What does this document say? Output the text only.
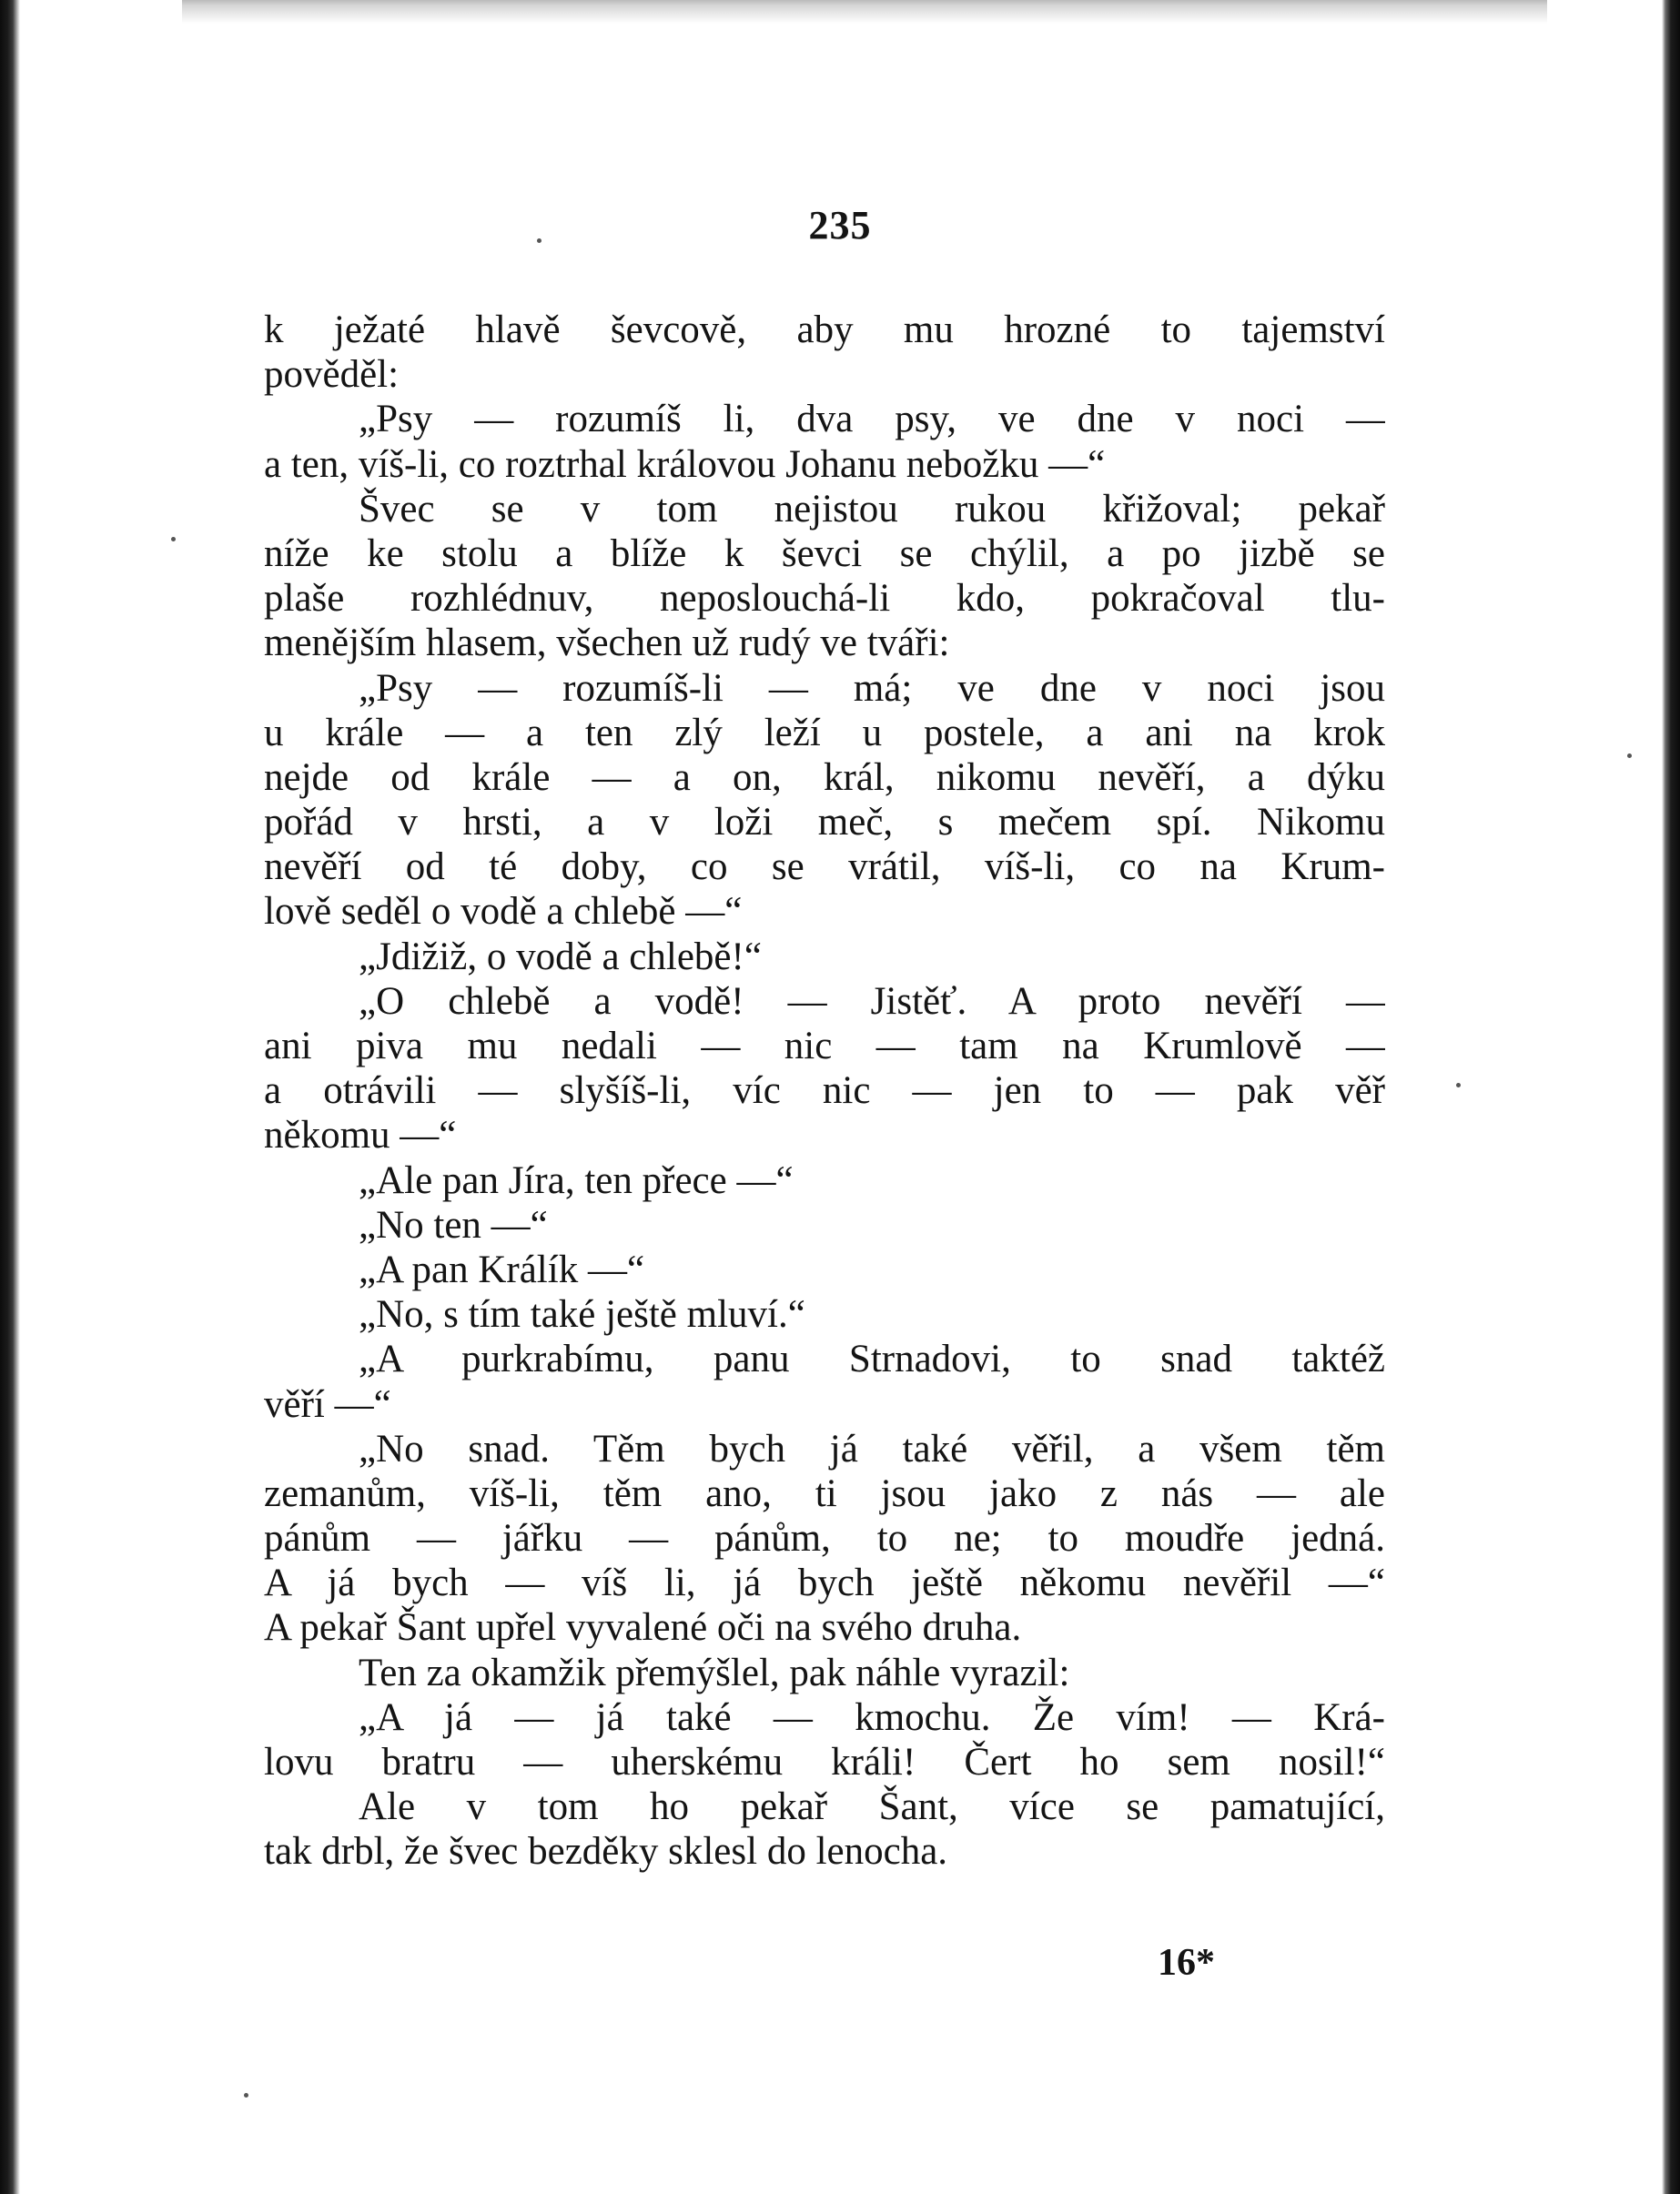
235
k ježaté hlavě ševcově, aby mu hrozné to tajemství
pověděl:
„Psy — rozumíš li, dva psy, ve dne v noci —
a ten, víš-li, co roztrhal královou Johanu nebožku —“
Švec se v tom nejistou rukou křižoval; pekař
níže ke stolu a blíže k ševci se chýlil, a po jizbě se
plaše rozhlédnuv, neposlouchá-li kdo, pokračoval tlu-
menějším hlasem, všechen už rudý ve tváři:
„Psy — rozumíš-li — má; ve dne v noci jsou
u krále — a ten zlý leží u postele, a ani na krok
nejde od krále — a on, král, nikomu nevěří, a dýku
pořád v hrsti, a v loži meč, s mečem spí. Nikomu
nevěří od té doby, co se vrátil, víš-li, co na Krum-
lově seděl o vodě a chlebě —“
„Jdižiž, o vodě a chlebě!“
„O chlebě a vodě! — Jistěť. A proto nevěří —
ani piva mu nedali — nic — tam na Krumlově —
a otrávili — slyšíš-li, víc nic — jen to — pak věř
někomu —“
„Ale pan Jíra, ten přece —“
„No ten —“
„A pan Králík —“
„No, s tím také ještě mluví.“
„A purkrabímu, panu Strnadovi, to snad taktéž
věří —“
„No snad. Těm bych já také věřil, a všem těm
zemanům, víš-li, těm ano, ti jsou jako z nás — ale
pánům — jářku — pánům, to ne; to moudře jedná.
A já bych — víš li, já bych ještě někomu nevěřil —“
A pekař Šant upřel vyvalené oči na svého druha.
Ten za okamžik přemýšlel, pak náhle vyrazil:
„A já — já také — kmochu. Že vím! — Krá-
lovu bratru — uherskému králi! Čert ho sem nosil!“
Ale v tom ho pekař Šant, více se pamatující,
tak drbl, že švec bezděky sklesl do lenocha.
16*
